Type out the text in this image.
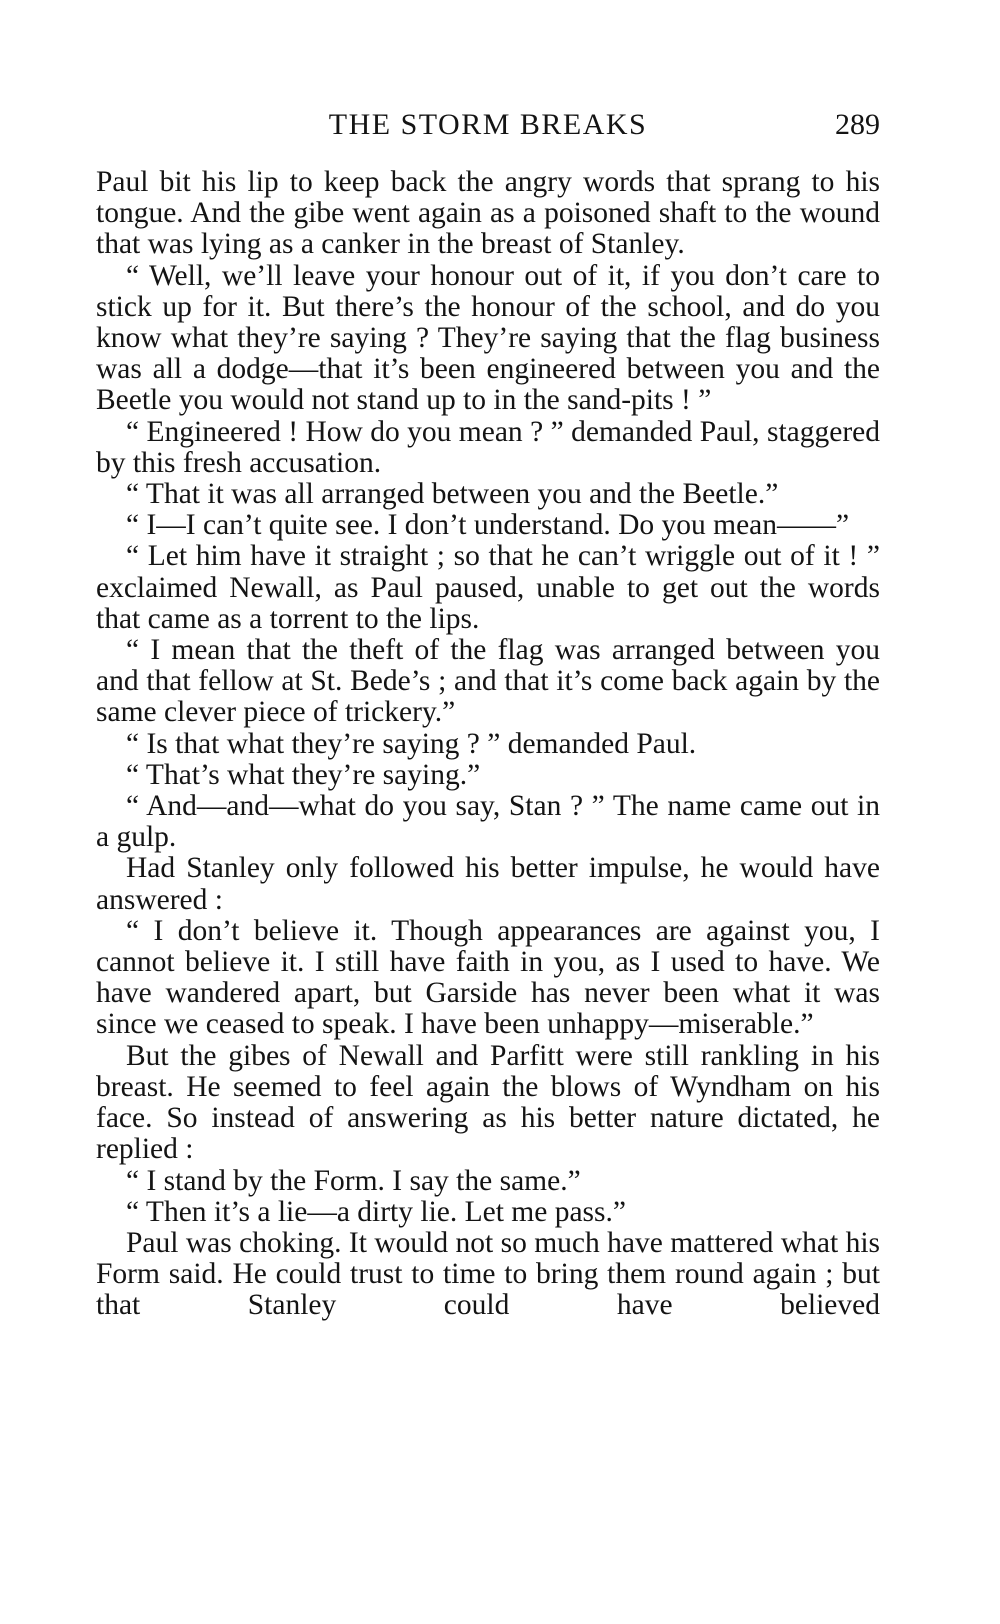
THE STORM BREAKS	289

Paul bit his lip to keep back the angry words that sprang to his tongue. And the gibe went again as a poisoned shaft to the wound that was lying as a canker in the breast of Stanley.

“ Well, we’ll leave your honour out of it, if you don’t care to stick up for it. But there’s the honour of the school, and do you know what they’re saying ? They’re saying that the flag business was all a dodge—that it’s been engineered between you and the Beetle you would not stand up to in the sand-pits ! ”

“ Engineered ! How do you mean ? ” demanded Paul, staggered by this fresh accusation.

“ That it was all arranged between you and the Beetle.”

“ I—I can’t quite see. I don’t understand. Do you mean——”

“ Let him have it straight ; so that he can’t wriggle out of it ! ” exclaimed Newall, as Paul paused, unable to get out the words that came as a torrent to the lips.

“ I mean that the theft of the flag was arranged between you and that fellow at St. Bede’s ; and that it’s come back again by the same clever piece of trickery.”

“ Is that what they’re saying ? ” demanded Paul.

“ That’s what they’re saying.”

“ And—and—what do you say, Stan ? ” The name came out in a gulp.

Had Stanley only followed his better impulse, he would have answered :

“ I don’t believe it. Though appearances are against you, I cannot believe it. I still have faith in you, as I used to have. We have wandered apart, but Garside has never been what it was since we ceased to speak. I have been unhappy—miserable.”

But the gibes of Newall and Parfitt were still rankling in his breast. He seemed to feel again the blows of Wyndham on his face. So instead of answering as his better nature dictated, he replied :

“ I stand by the Form. I say the same.”

“ Then it’s a lie—a dirty lie. Let me pass.”

Paul was choking. It would not so much have mattered what his Form said. He could trust to time to bring them round again ; but that Stanley could have believed
